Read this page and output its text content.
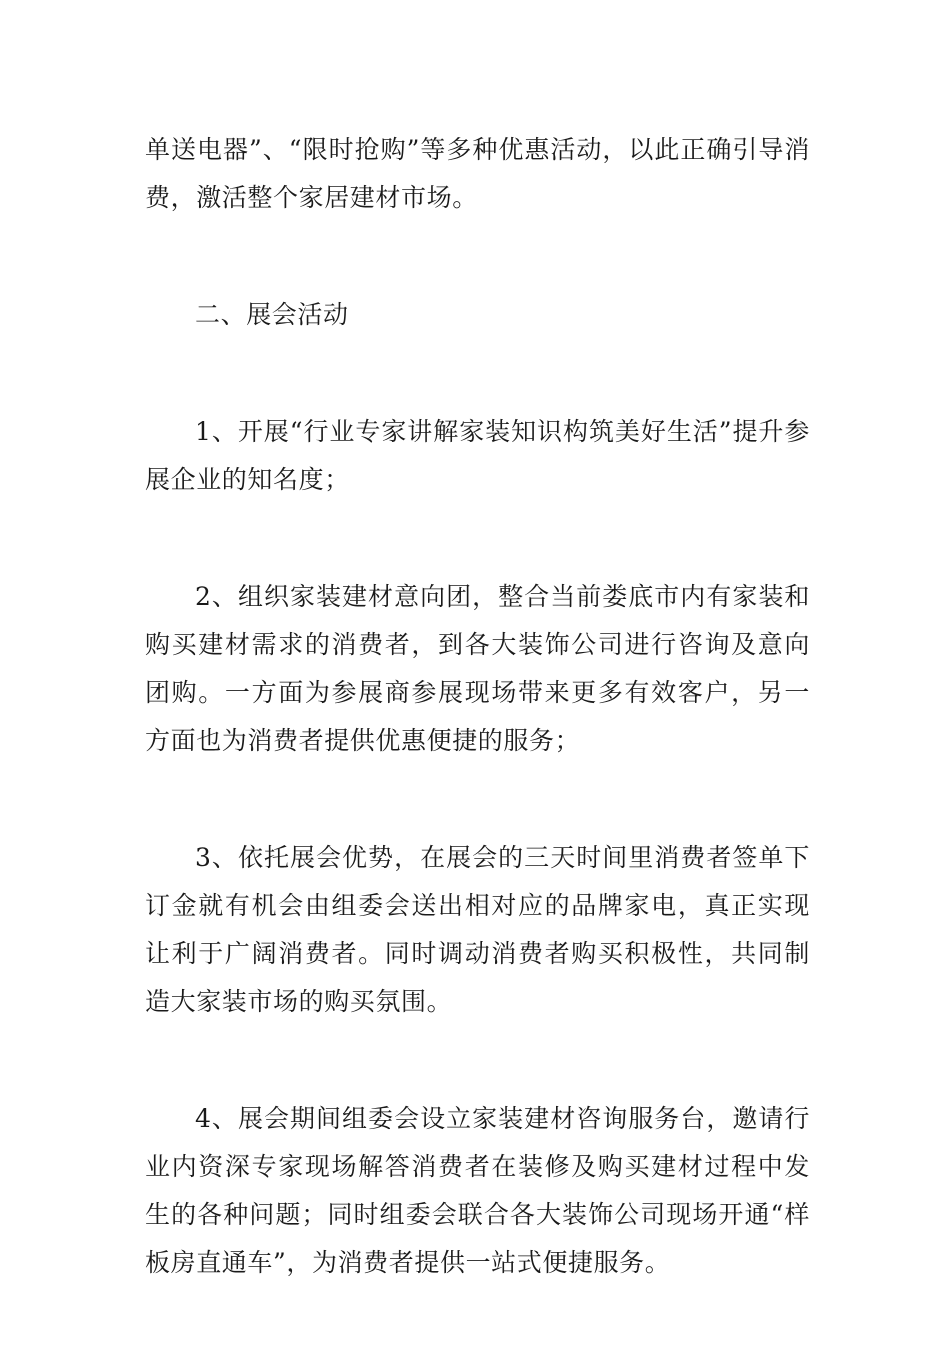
单送电器”、“限时抢购”等多种优惠活动，以此正确引导消费，激活整个家居建材市场。

二、展会活动

1、开展“行业专家讲解家装知识构筑美好生活”提升参展企业的知名度；

2、组织家装建材意向团，整合当前娄底市内有家装和购买建材需求的消费者，到各大装饰公司进行咨询及意向团购。一方面为参展商参展现场带来更多有效客户，另一方面也为消费者提供优惠便捷的服务；

3、依托展会优势，在展会的三天时间里消费者签单下订金就有机会由组委会送出相对应的品牌家电，真正实现让利于广阔消费者。同时调动消费者购买积极性，共同制造大家装市场的购买氛围。

4、展会期间组委会设立家装建材咨询服务台，邀请行业内资深专家现场解答消费者在装修及购买建材过程中发生的各种问题；同时组委会联合各大装饰公司现场开通“样板房直通车”，为消费者提供一站式便捷服务。
